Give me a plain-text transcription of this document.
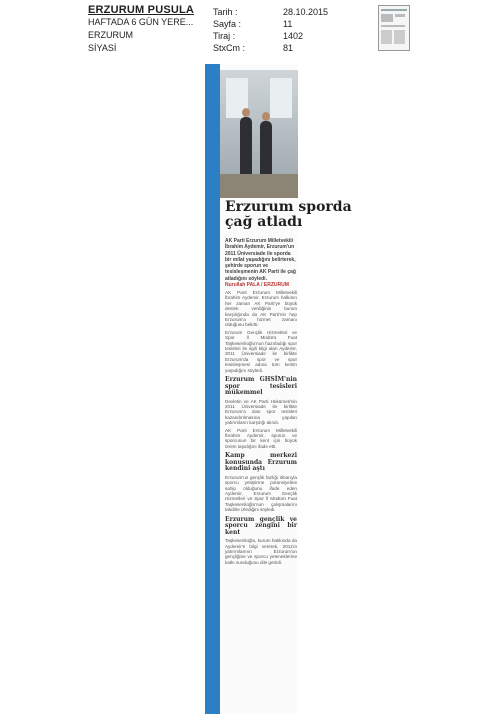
ERZURUM PUSULA
HAFTADA 6 GÜN YERE...
ERZURUM
SİYASİ
Tarih :	28.10.2015
Sayfa :	11
Tiraj :	1402
StxCm :	81
Erzurum sporda
çağ atladı
AK Parti Erzurum Milletvekili İbrahim Aydemir, Erzurum'un 2011 Üniversiade ile sporda bir milat yaşadığını belirterek, şehirde sporun ve tesisleşmenin AK Parti ile çağ atladığını söyledi.
Nurullah PALA / ERZURUM

AK Parti Erzurum Milletvekili İbrahim Aydemir, Erzurum halkının her zaman AK Parti'ye büyük destek verdiğinin bunun karşılığında da AK Parti'nin hep Erzurum'a hizmet zamanı olduğunu belirtti.

Erzurum Gençlik Hizmetleri ve Spor İl Müdürü Fuat Taşkesenlioğlu'nun hazırladığı spor tesisleri ile ilgili bilgi alan Aydemir, 2011 Üniversiade ile birlikte Erzurum'da spor ve spor tesisleşmesi adına tüm kentin yaşadığını söyledi.

Erzurum GHSİM'nin spor tesisleri mükemmel

Devletin ve AK Parti Hükümeti'nin 2011 Üniversiade ile birlikte Erzurum'a olan spor tesisleri kazandırılmasına yapılan yatırımların karşılığı alındı.

AK Parti Erzurum Milletvekili İbrahim Aydemir, sporun ve sporcunun bir kent için büyük önem taşıdığını ifade etti.

Kamp merkezi konusunda Erzurum kendini aştı

Erzurum'un gençlik fazlığı itibarıyla sporcu yetiştirme potansiyeline sahip olduğunu ifade eden Aydemir, Erzurum Gençlik Hizmetleri ve Spor İl Müdürü Fuat Taşkesenlioğlu'nun çalışmalarını takdirle izlediğini söyledi.

Erzurum gençlik ve sporcu zengini bir kent

Taşkesenlioğlu, kurum hakkında da Aydemir'e bilgi vererek, 2011'in yatırımlarının Erzurum'un gençliğine ve sporcu yeteneklerine katkı sunduğunu dile getirdi.
